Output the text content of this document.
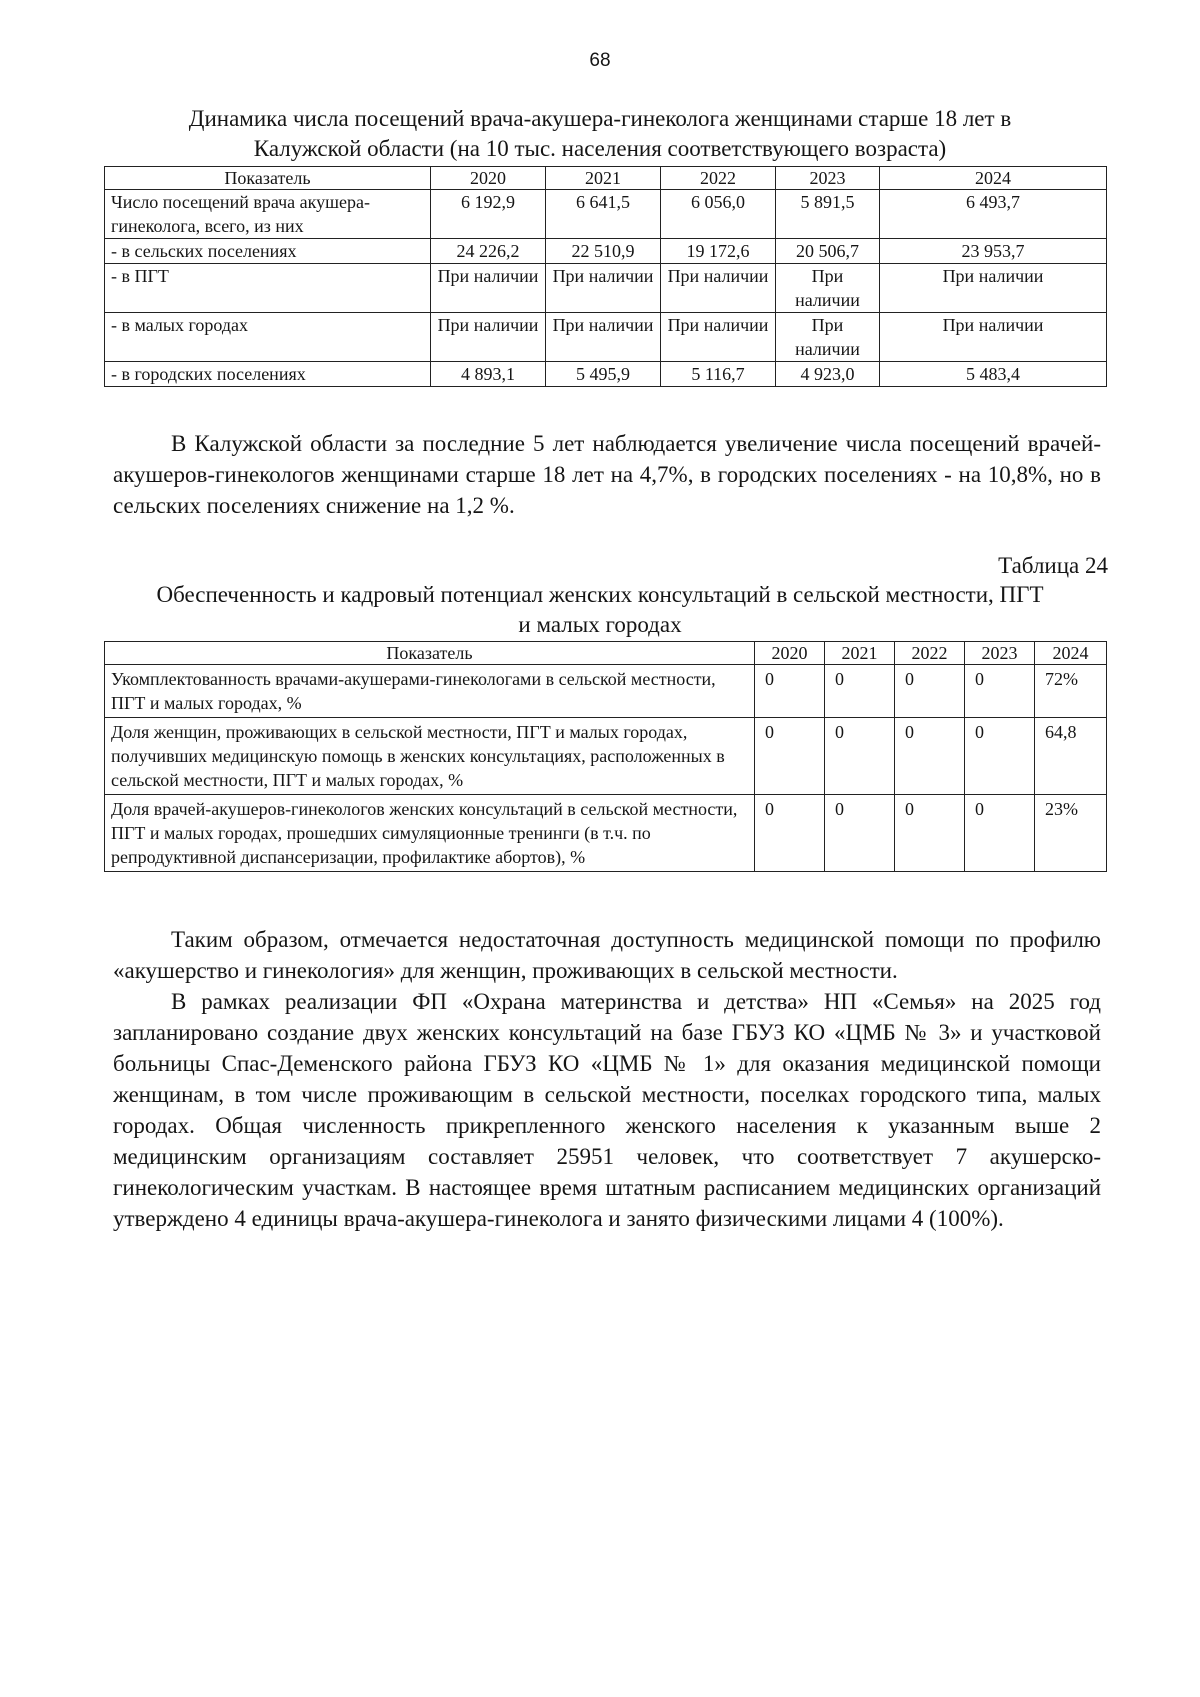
68
Динамика числа посещений врача-акушера-гинеколога женщинами старше 18 лет в
Калужской области (на 10 тыс. населения соответствующего возраста)
Показатель	2020	2021	2022	2023	2024
Число посещений врача акушера-гинеколога, всего, из них	6 192,9	6 641,5	6 056,0	5 891,5	6 493,7
- в сельских поселениях	24 226,2	22 510,9	19 172,6	20 506,7	23 953,7
- в ПГТ	При наличии	При наличии	При наличии	При наличии	При наличии
- в малых городах	При наличии	При наличии	При наличии	При наличии	При наличии
- в городских поселениях	4 893,1	5 495,9	5 116,7	4 923,0	5 483,4

В Калужской области за последние 5 лет наблюдается увеличение числа посещений врачей-акушеров-гинекологов женщинами старше 18 лет на 4,7%, в городских поселениях - на 10,8%, но в сельских поселениях снижение на 1,2 %.

Таблица 24
Обеспеченность и кадровый потенциал женских консультаций в сельской местности, ПГТ
и малых городах
Показатель	2020	2021	2022	2023	2024
Укомплектованность врачами-акушерами-гинекологами в сельской местности, ПГТ и малых городах, %	0	0	0	0	72%
Доля женщин, проживающих в сельской местности, ПГТ и малых городах, получивших медицинскую помощь в женских консультациях, расположенных в сельской местности, ПГТ и малых городах, %	0	0	0	0	64,8
Доля врачей-акушеров-гинекологов женских консультаций в сельской местности, ПГТ и малых городах, прошедших симуляционные тренинги (в т.ч. по репродуктивной диспансеризации, профилактике абортов), %	0	0	0	0	23%

Таким образом, отмечается недостаточная доступность медицинской помощи по профилю «акушерство и гинекология» для женщин, проживающих в сельской местности.

В рамках реализации ФП «Охрана материнства и детства» НП «Семья» на 2025 год запланировано создание двух женских консультаций на базе ГБУЗ КО «ЦМБ № 3» и участковой больницы Спас-Деменского района ГБУЗ КО «ЦМБ № 1» для оказания медицинской помощи женщинам, в том числе проживающим в сельской местности, поселках городского типа, малых городах. Общая численность прикрепленного женского населения к указанным выше 2 медицинским организациям составляет 25951 человек, что соответствует 7 акушерско-гинекологическим участкам. В настоящее время штатным расписанием медицинских организаций утверждено 4 единицы врача-акушера-гинеколога и занято физическими лицами 4 (100%).
